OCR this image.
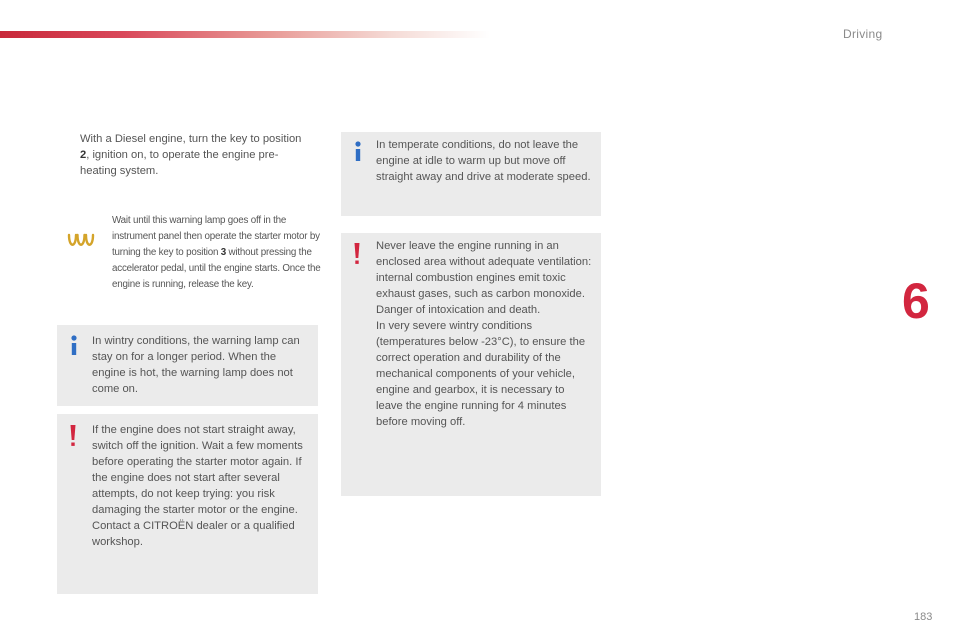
Driving
6
183
With a Diesel engine, turn the key to position 2, ignition on, to operate the engine pre-heating system.
Wait until this warning lamp goes off in the instrument panel then operate the starter motor by turning the key to position 3 without pressing the accelerator pedal, until the engine starts. Once the engine is running, release the key.
In wintry conditions, the warning lamp can stay on for a longer period. When the engine is hot, the warning lamp does not come on.
If the engine does not start straight away, switch off the ignition. Wait a few moments before operating the starter motor again. If the engine does not start after several attempts, do not keep trying: you risk damaging the starter motor or the engine.
Contact a CITROËN dealer or a qualified workshop.
In temperate conditions, do not leave the engine at idle to warm up but move off straight away and drive at moderate speed.
Never leave the engine running in an enclosed area without adequate ventilation: internal combustion engines emit toxic exhaust gases, such as carbon monoxide. Danger of intoxication and death.
In very severe wintry conditions (temperatures below -23°C), to ensure the correct operation and durability of the mechanical components of your vehicle, engine and gearbox, it is necessary to leave the engine running for 4 minutes before moving off.
